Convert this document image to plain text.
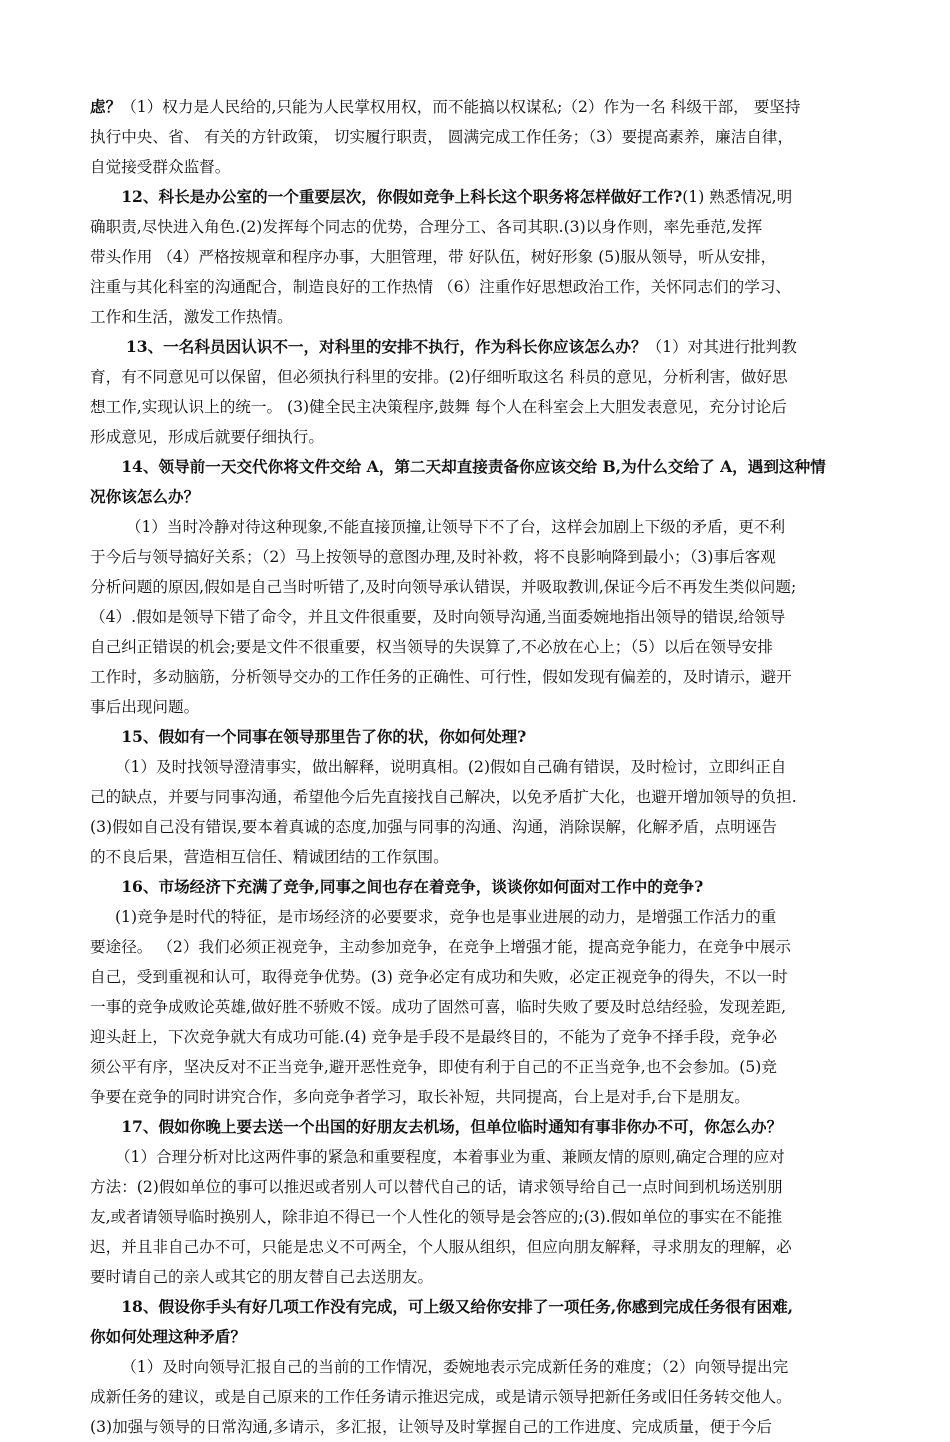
虑？（1）权力是人民给的,只能为人民掌权用权，而不能搞以权谋私;（2）作为一名 科级干部， 要坚持
执行中央、省、 有关的方针政策， 切实履行职责， 圆满完成工作任务；（3）要提高素养，廉洁自律，
自觉接受群众监督。
12、科长是办公室的一个重要层次，你假如竞争上科长这个职务将怎样做好工作?(1) 熟悉情况,明
确职责,尽快进入角色.(2)发挥每个同志的优势，合理分工、各司其职.(3)以身作则，率先垂范,发挥
带头作用 （4）严格按规章和程序办事，大胆管理，带 好队伍，树好形象 (5)服从领导，听从安排，
注重与其化科室的沟通配合，制造良好的工作热情 （6）注重作好思想政治工作，关怀同志们的学习、
工作和生活，激发工作热情。
13、一名科员因认识不一，对科里的安排不执行，作为科长你应该怎么办？（1）对其进行批判教
育，有不同意见可以保留，但必须执行科里的安排。(2)仔细听取这名 科员的意见，分析利害，做好思
想工作,实现认识上的统一。 (3)健全民主决策程序,鼓舞 每个人在科室会上大胆发表意见，充分讨论后
形成意见，形成后就要仔细执行。
14、领导前一天交代你将文件交给 A，第二天却直接责备你应该交给 B,为什么交给了 A，遇到这种情
况你该怎么办？
（1）当时冷静对待这种现象,不能直接顶撞,让领导下不了台，这样会加剧上下级的矛盾，更不利
于今后与领导搞好关系；（2）马上按领导的意图办理,及时补救，将不良影响降到最小；（3)事后客观
分析问题的原因,假如是自己当时听错了,及时向领导承认错误，并吸取教训,保证今后不再发生类似问题;
（4）.假如是领导下错了命令，并且文件很重要，及时向领导沟通,当面委婉地指出领导的错误,给领导
自己纠正错误的机会;要是文件不很重要，权当领导的失误算了,不必放在心上；（5）以后在领导安排
工作时，多动脑筋，分析领导交办的工作任务的正确性、可行性，假如发现有偏差的，及时请示，避开
事后出现问题。
15、假如有一个同事在领导那里告了你的状，你如何处理?
（1）及时找领导澄清事实，做出解释，说明真相。(2)假如自己确有错误，及时检讨，立即纠正自
己的缺点，并要与同事沟通，希望他今后先直接找自己解决，以免矛盾扩大化，也避开增加领导的负担.
(3)假如自己没有错误,要本着真诚的态度,加强与同事的沟通、沟通，消除误解，化解矛盾，点明诬告
的不良后果，营造相互信任、精诚团结的工作氛围。
16、市场经济下充满了竞争,同事之间也存在着竞争，谈谈你如何面对工作中的竞争?
(1)竞争是时代的特征，是市场经济的必要要求，竞争也是事业进展的动力，是增强工作活力的重
要途径。 （2）我们必须正视竞争，主动参加竞争，在竞争上增强才能，提高竞争能力，在竞争中展示
自己，受到重视和认可，取得竞争优势。(3) 竞争必定有成功和失败，必定正视竞争的得失，不以一时
一事的竞争成败论英雄,做好胜不骄败不馁。成功了固然可喜，临时失败了要及时总结经验，发现差距,
迎头赶上，下次竞争就大有成功可能.(4) 竞争是手段不是最终目的，不能为了竞争不择手段，竞争必
须公平有序，坚决反对不正当竞争,避开恶性竞争，即使有利于自己的不正当竞争,也不会参加。(5)竞
争要在竞争的同时讲究合作，多向竞争者学习，取长补短，共同提高，台上是对手,台下是朋友。
17、假如你晚上要去送一个出国的好朋友去机场，但单位临时通知有事非你办不可，你怎么办？
（1）合理分析对比这两件事的紧急和重要程度，本着事业为重、兼顾友情的原则,确定合理的应对
方法：(2)假如单位的事可以推迟或者别人可以替代自己的话，请求领导给自己一点时间到机场送别朋
友,或者请领导临时换别人，除非迫不得已一个人性化的领导是会答应的;(3).假如单位的事实在不能推
迟，并且非自己办不可，只能是忠义不可两全，个人服从组织，但应向朋友解释，寻求朋友的理解，必
要时请自己的亲人或其它的朋友替自己去送朋友。
18、假设你手头有好几项工作没有完成，可上级又给你安排了一项任务,你感到完成任务很有困难,
你如何处理这种矛盾？
（1）及时向领导汇报自己的当前的工作情况，委婉地表示完成新任务的难度；（2）向领导提出完
成新任务的建议，或是自己原来的工作任务请示推迟完成，或是请示领导把新任务或旧任务转交他人。
(3)加强与领导的日常沟通,多请示，多汇报，让领导及时掌握自己的工作进度、完成质量，便于今后
